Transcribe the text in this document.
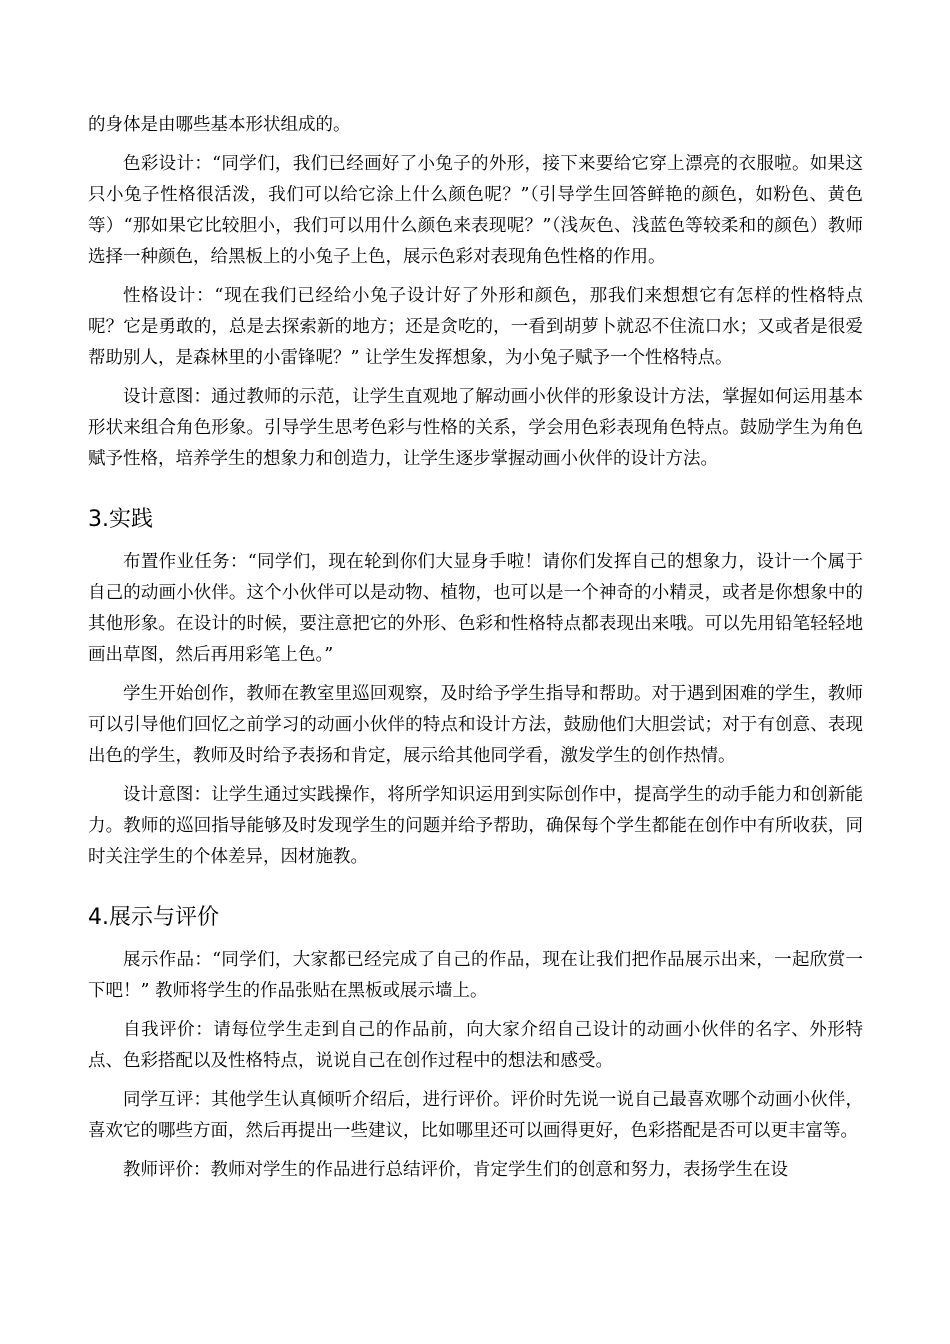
的身体是由哪些基本形状组成的。

色彩设计：“同学们，我们已经画好了小兔子的外形，接下来要给它穿上漂亮的衣服啦。如果这只小兔子性格很活泼，我们可以给它涂上什么颜色呢？”（引导学生回答鲜艳的颜色，如粉色、黄色等）“那如果它比较胆小，我们可以用什么颜色来表现呢？”（浅灰色、浅蓝色等较柔和的颜色）教师选择一种颜色，给黑板上的小兔子上色，展示色彩对表现角色性格的作用。

性格设计：“现在我们已经给小兔子设计好了外形和颜色，那我们来想想它有怎样的性格特点呢？它是勇敢的，总是去探索新的地方；还是贪吃的，一看到胡萝卜就忍不住流口水；又或者是很爱帮助别人，是森林里的小雷锋呢？” 让学生发挥想象，为小兔子赋予一个性格特点。

设计意图：通过教师的示范，让学生直观地了解动画小伙伴的形象设计方法，掌握如何运用基本形状来组合角色形象。引导学生思考色彩与性格的关系，学会用色彩表现角色特点。鼓励学生为角色赋予性格，培养学生的想象力和创造力，让学生逐步掌握动画小伙伴的设计方法。

3.实践

布置作业任务：“同学们，现在轮到你们大显身手啦！请你们发挥自己的想象力，设计一个属于自己的动画小伙伴。这个小伙伴可以是动物、植物，也可以是一个神奇的小精灵，或者是你想象中的其他形象。在设计的时候，要注意把它的外形、色彩和性格特点都表现出来哦。可以先用铅笔轻轻地画出草图，然后再用彩笔上色。”

学生开始创作，教师在教室里巡回观察，及时给予学生指导和帮助。对于遇到困难的学生，教师可以引导他们回忆之前学习的动画小伙伴的特点和设计方法，鼓励他们大胆尝试；对于有创意、表现出色的学生，教师及时给予表扬和肯定，展示给其他同学看，激发学生的创作热情。

设计意图：让学生通过实践操作，将所学知识运用到实际创作中，提高学生的动手能力和创新能力。教师的巡回指导能够及时发现学生的问题并给予帮助，确保每个学生都能在创作中有所收获，同时关注学生的个体差异，因材施教。

4.展示与评价

展示作品：“同学们，大家都已经完成了自己的作品，现在让我们把作品展示出来，一起欣赏一下吧！” 教师将学生的作品张贴在黑板或展示墙上。

自我评价：请每位学生走到自己的作品前，向大家介绍自己设计的动画小伙伴的名字、外形特点、色彩搭配以及性格特点，说说自己在创作过程中的想法和感受。

同学互评：其他学生认真倾听介绍后，进行评价。评价时先说一说自己最喜欢哪个动画小伙伴，喜欢它的哪些方面，然后再提出一些建议，比如哪里还可以画得更好，色彩搭配是否可以更丰富等。

教师评价：教师对学生的作品进行总结评价，肯定学生们的创意和努力，表扬学生在设
